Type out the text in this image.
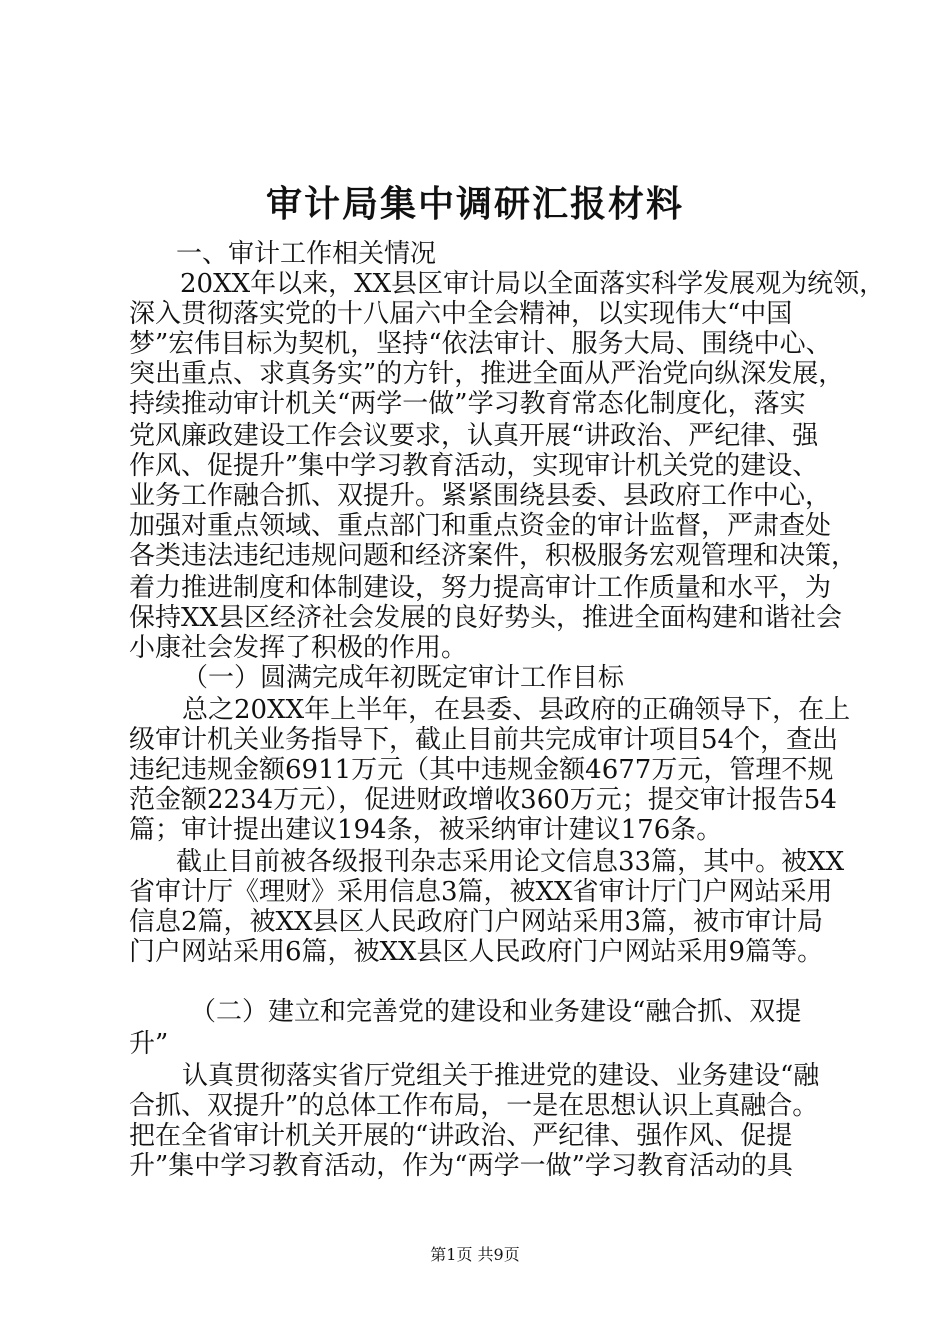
审计局集中调研汇报材料
一、审计工作相关情况
20XX年以来，XX县区审计局以全面落实科学发展观为统领，
深入贯彻落实党的十八届六中全会精神，以实现伟大“中国
梦”宏伟目标为契机，坚持“依法审计、服务大局、围绕中心、
突出重点、求真务实”的方针，推进全面从严治党向纵深发展，
持续推动审计机关“两学一做”学习教育常态化制度化，落实
党风廉政建设工作会议要求，认真开展“讲政治、严纪律、强
作风、促提升”集中学习教育活动，实现审计机关党的建设、
业务工作融合抓、双提升。紧紧围绕县委、县政府工作中心，
加强对重点领域、重点部门和重点资金的审计监督，严肃查处
各类违法违纪违规问题和经济案件，积极服务宏观管理和决策，
着力推进制度和体制建设，努力提高审计工作质量和水平，为
保持XX县区经济社会发展的良好势头，推进全面构建和谐社会
小康社会发挥了积极的作用。
（一）圆满完成年初既定审计工作目标
总之20XX年上半年，在县委、县政府的正确领导下，在上
级审计机关业务指导下，截止目前共完成审计项目54个，查出
违纪违规金额6911万元（其中违规金额4677万元，管理不规
范金额2234万元），促进财政增收360万元；提交审计报告54
篇；审计提出建议194条，被采纳审计建议176条。
截止目前被各级报刊杂志采用论文信息33篇，其中。被XX
省审计厅《理财》采用信息3篇，被XX省审计厅门户网站采用
信息2篇，被XX县区人民政府门户网站采用3篇，被市审计局
门户网站采用6篇，被XX县区人民政府门户网站采用9篇等。
（二）建立和完善党的建设和业务建设“融合抓、双提
升”
认真贯彻落实省厅党组关于推进党的建设、业务建设“融
合抓、双提升”的总体工作布局，一是在思想认识上真融合。
把在全省审计机关开展的“讲政治、严纪律、强作风、促提
升”集中学习教育活动，作为“两学一做”学习教育活动的具
第1页 共9页
